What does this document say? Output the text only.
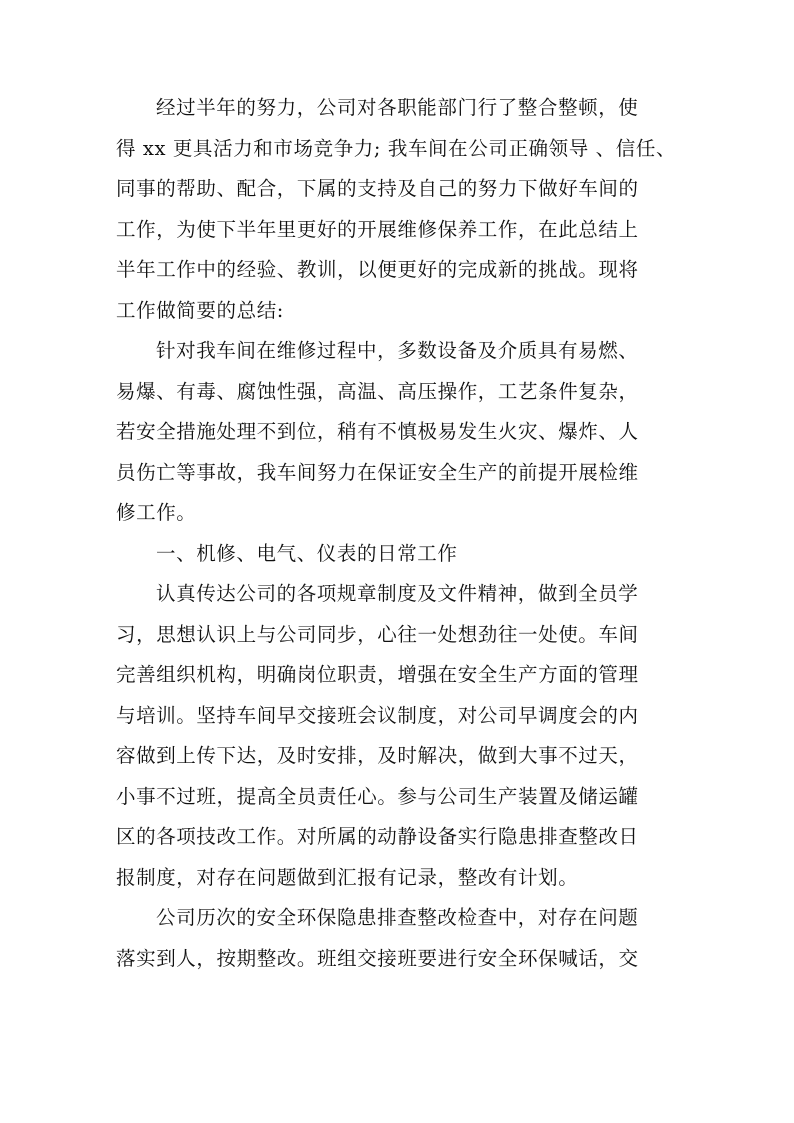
经过半年的努力，公司对各职能部门行了整合整顿，使
得 xx 更具活力和市场竞争力; 我车间在公司正确领导 、信任、
同事的帮助、配合，下属的支持及自己的努力下做好车间的
工作，为使下半年里更好的开展维修保养工作，在此总结上
半年工作中的经验、教训，以便更好的完成新的挑战。现将
工作做简要的总结:
针对我车间在维修过程中，多数设备及介质具有易燃、
易爆、有毒、腐蚀性强，高温、高压操作，工艺条件复杂，
若安全措施处理不到位，稍有不慎极易发生火灾、爆炸、人
员伤亡等事故，我车间努力在保证安全生产的前提开展检维
修工作。
一、机修、电气、仪表的日常工作
认真传达公司的各项规章制度及文件精神，做到全员学
习，思想认识上与公司同步，心往一处想劲往一处使。车间
完善组织机构，明确岗位职责，增强在安全生产方面的管理
与培训。坚持车间早交接班会议制度，对公司早调度会的内
容做到上传下达，及时安排，及时解决，做到大事不过天，
小事不过班，提高全员责任心。参与公司生产装置及储运罐
区的各项技改工作。对所属的动静设备实行隐患排查整改日
报制度，对存在问题做到汇报有记录，整改有计划。
公司历次的安全环保隐患排查整改检查中，对存在问题
落实到人，按期整改。班组交接班要进行安全环保喊话，交
